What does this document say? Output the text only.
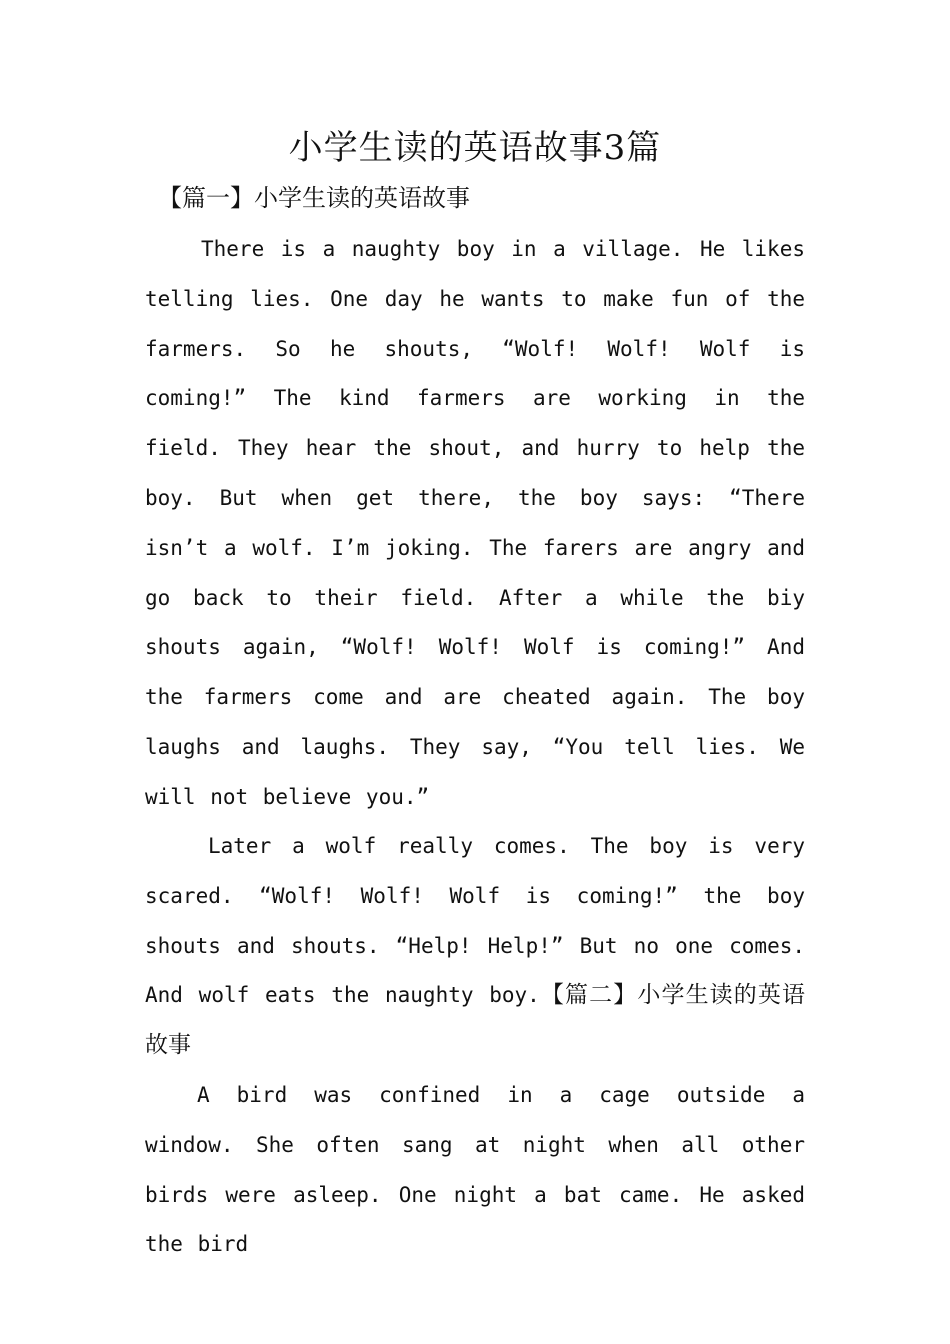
小学生读的英语故事3篇
【篇一】小学生读的英语故事

There is a naughty boy in a village. He likes telling lies. One day he wants to make fun of the farmers. So he shouts, “Wolf! Wolf! Wolf is coming!” The kind farmers are working in the field. They hear the shout, and hurry to help the boy. But when get there, the boy says: “There isn’t a wolf. I’m joking. The farers are angry and go back to their field. After a while the biy shouts again, “Wolf! Wolf! Wolf is coming!” And the farmers come and are cheated again. The boy laughs and laughs. They say, “You tell lies. We will not believe you.”

Later a wolf really comes. The boy is very scared. “Wolf! Wolf! Wolf is coming!” the boy shouts and shouts. “Help! Help!” But no one comes. And wolf eats the naughty boy.【篇二】小学生读的英语故事

A bird was confined in a cage outside a window. She often sang at night when all other birds were asleep. One night a bat came. He asked the bird
